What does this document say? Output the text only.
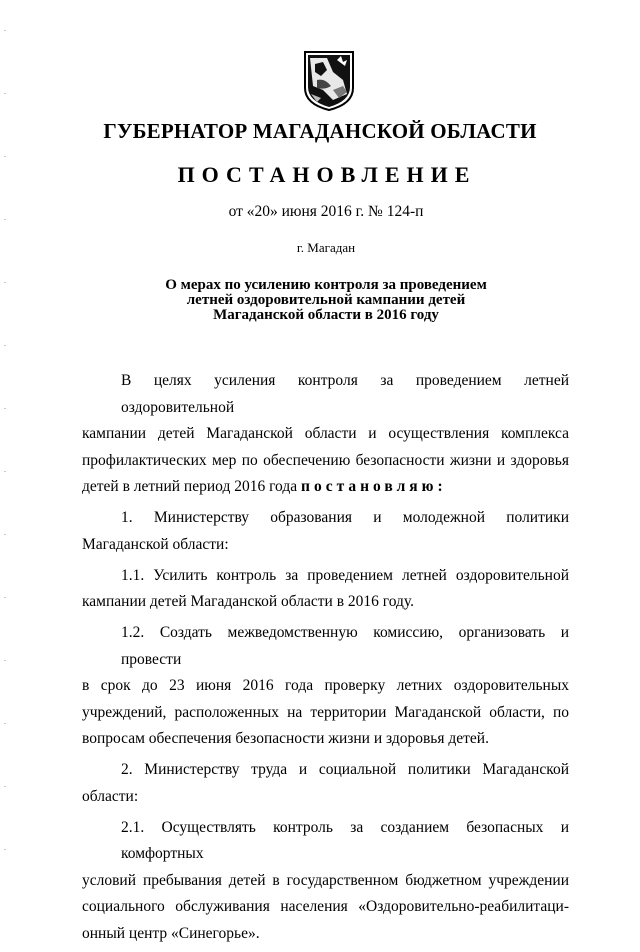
ГУБЕРНАТОР МАГАДАНСКОЙ ОБЛАСТИ
ПОСТАНОВЛЕНИЕ
от «20» июня 2016 г. № 124-п
г. Магадан
О мерах по усилению контроля за проведением
летней оздоровительной кампании детей
Магаданской области в 2016 году

В целях усиления контроля за проведением летней оздоровительной
кампании детей Магаданской области и осуществления комплекса
профилактических мер по обеспечению безопасности жизни и здоровья
детей в летний период 2016 года постановляю:

1. Министерству образования и молодежной политики Магаданской области:

1.1. Усилить контроль за проведением летней оздоровительной
кампании детей Магаданской области в 2016 году.

1.2. Создать межведомственную комиссию, организовать и провести
в срок до 23 июня 2016 года проверку летних оздоровительных
учреждений, расположенных на территории Магаданской области, по
вопросам обеспечения безопасности жизни и здоровья детей.

2. Министерству труда и социальной политики Магаданской
области:

2.1. Осуществлять контроль за созданием безопасных и комфортных
условий пребывания детей в государственном бюджетном учреждении
социального обслуживания населения «Оздоровительно-реабилитаци-
онный центр «Синегорье».
